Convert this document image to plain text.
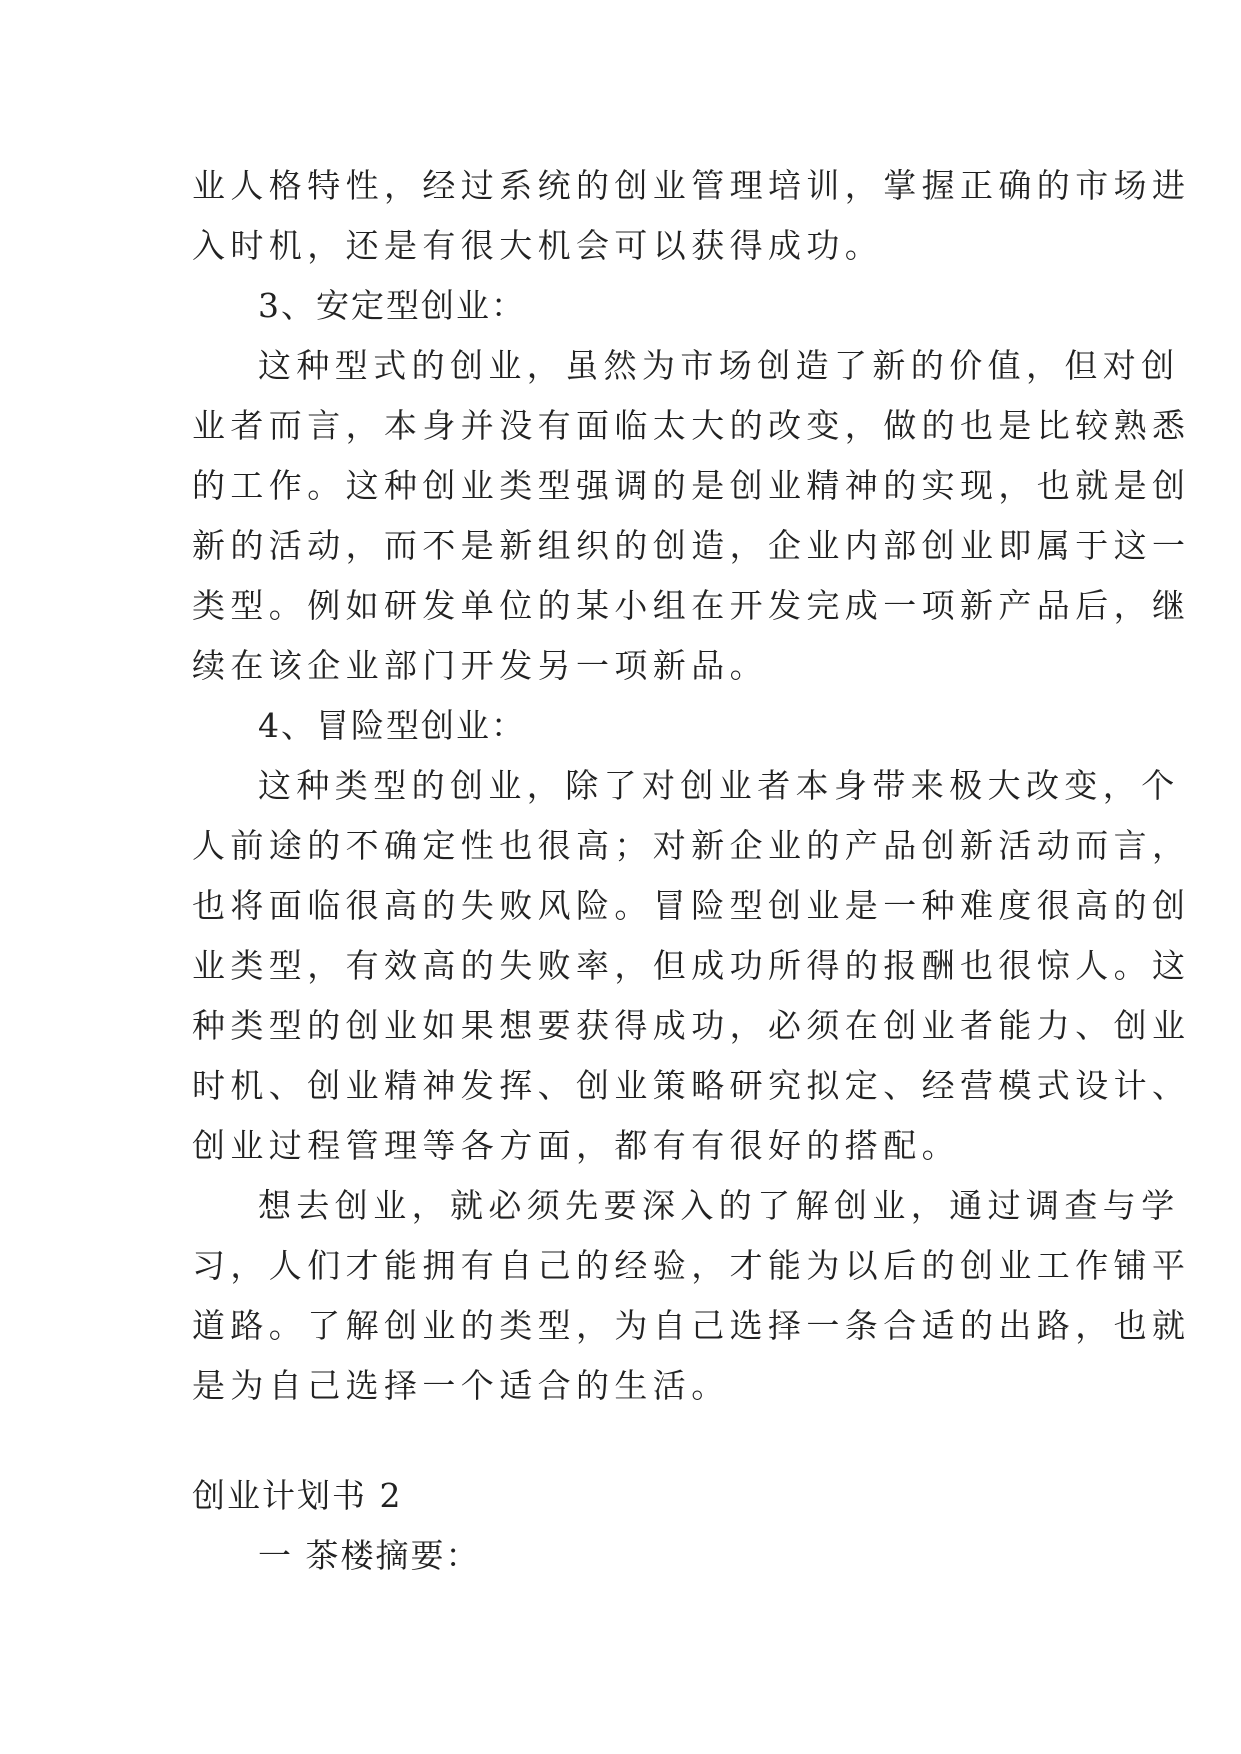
业人格特性，经过系统的创业管理培训，掌握正确的市场进
入时机，还是有很大机会可以获得成功。
3、安定型创业：
这种型式的创业，虽然为市场创造了新的价值，但对创
业者而言，本身并没有面临太大的改变，做的也是比较熟悉
的工作。这种创业类型强调的是创业精神的实现，也就是创
新的活动，而不是新组织的创造，企业内部创业即属于这一
类型。例如研发单位的某小组在开发完成一项新产品后，继
续在该企业部门开发另一项新品。
4、冒险型创业：
这种类型的创业，除了对创业者本身带来极大改变，个
人前途的不确定性也很高；对新企业的产品创新活动而言，
也将面临很高的失败风险。冒险型创业是一种难度很高的创
业类型，有效高的失败率，但成功所得的报酬也很惊人。这
种类型的创业如果想要获得成功，必须在创业者能力、创业
时机、创业精神发挥、创业策略研究拟定、经营模式设计、
创业过程管理等各方面，都有有很好的搭配。
想去创业，就必须先要深入的了解创业，通过调查与学
习，人们才能拥有自己的经验，才能为以后的创业工作铺平
道路。了解创业的类型，为自己选择一条合适的出路，也就
是为自己选择一个适合的生活。
创业计划书 2
一 茶楼摘要：
